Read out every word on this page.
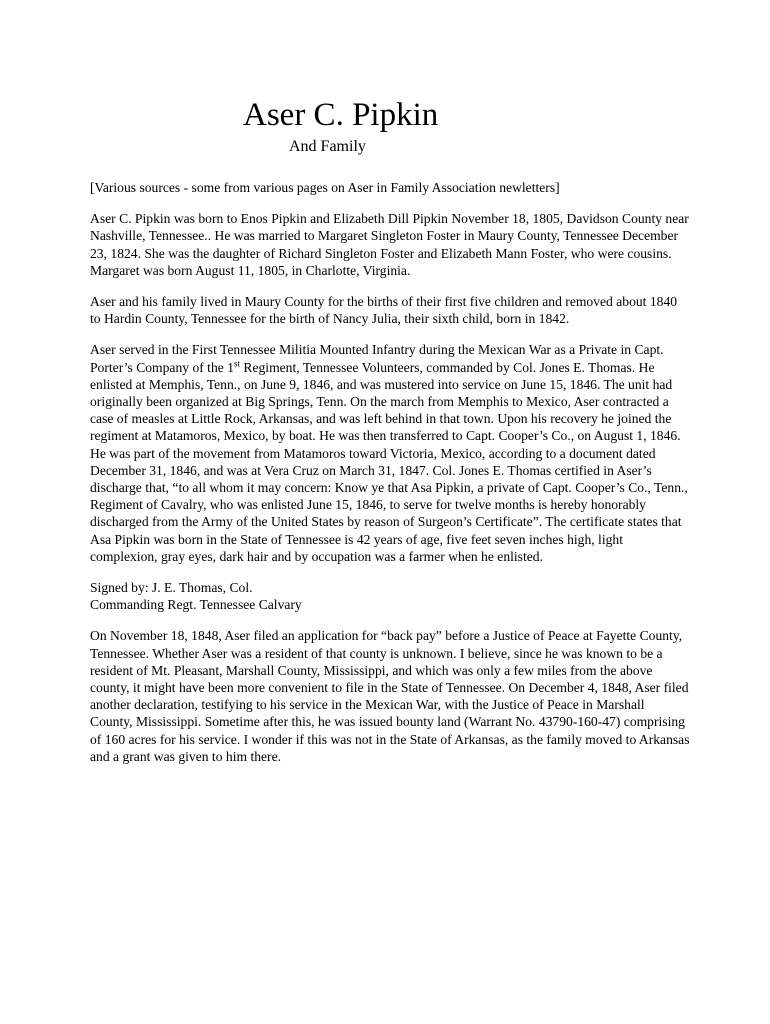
Aser C. Pipkin
And Family

[Various sources - some from various pages on Aser in Family Association newletters]

Aser C. Pipkin was born to Enos Pipkin and Elizabeth Dill Pipkin November 18, 1805, Davidson County near Nashville, Tennessee.. He was married to Margaret Singleton Foster in Maury County, Tennessee December 23, 1824. She was the daughter of Richard Singleton Foster and Elizabeth Mann Foster, who were cousins. Margaret was born August 11, 1805, in Charlotte, Virginia.

Aser and his family lived in Maury County for the births of their first five children and removed about 1840 to Hardin County, Tennessee for the birth of Nancy Julia, their sixth child, born in 1842.

Aser served in the First Tennessee Militia Mounted Infantry during the Mexican War as a Private in Capt. Porter’s Company of the 1st Regiment, Tennessee Volunteers, commanded by Col. Jones E. Thomas. He enlisted at Memphis, Tenn., on June 9, 1846, and was mustered into service on June 15, 1846. The unit had originally been organized at Big Springs, Tenn. On the march from Memphis to Mexico, Aser contracted a case of measles at Little Rock, Arkansas, and was left behind in that town. Upon his recovery he joined the regiment at Matamoros, Mexico, by boat. He was then transferred to Capt. Cooper’s Co., on August 1, 1846. He was part of the movement from Matamoros toward Victoria, Mexico, according to a document dated December 31, 1846, and was at Vera Cruz on March 31, 1847. Col. Jones E. Thomas certified in Aser’s discharge that, “to all whom it may concern: Know ye that Asa Pipkin, a private of Capt. Cooper’s Co., Tenn., Regiment of Cavalry, who was enlisted June 15, 1846, to serve for twelve months is hereby honorably discharged from the Army of the United States by reason of Surgeon’s Certificate”. The certificate states that Asa Pipkin was born in the State of Tennessee is 42 years of age, five feet seven inches high, light complexion, gray eyes, dark hair and by occupation was a farmer when he enlisted.

Signed by: J. E. Thomas, Col.
Commanding Regt. Tennessee Calvary

On November 18, 1848, Aser filed an application for “back pay” before a Justice of Peace at Fayette County, Tennessee. Whether Aser was a resident of that county is unknown. I believe, since he was known to be a resident of Mt. Pleasant, Marshall County, Mississippi, and which was only a few miles from the above county, it might have been more convenient to file in the State of Tennessee. On December 4, 1848, Aser filed another declaration, testifying to his service in the Mexican War, with the Justice of Peace in Marshall County, Mississippi. Sometime after this, he was issued bounty land (Warrant No. 43790-160-47) comprising of 160 acres for his service. I wonder if this was not in the State of Arkansas, as the family moved to Arkansas and a grant was given to him there.
